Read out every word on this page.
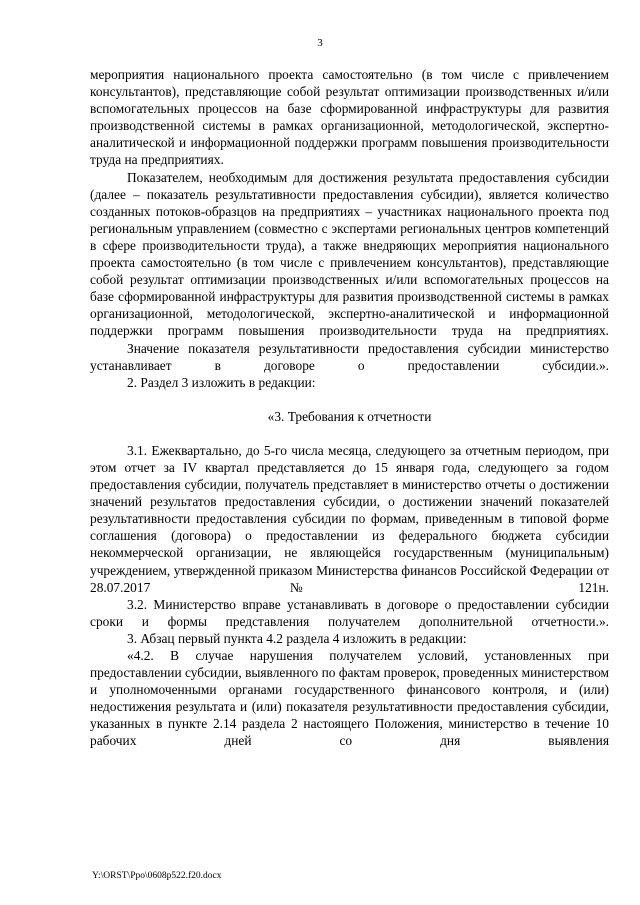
3

мероприятия национального проекта самостоятельно (в том числе с привлечением консультантов), представляющие собой результат оптимизации производственных и/или вспомогательных процессов на базе сформированной инфраструктуры для развития производственной системы в рамках организационной, методологической, экспертно-аналитической и информационной поддержки программ повышения производительности труда на предприятиях.

Показателем, необходимым для достижения результата предоставления субсидии (далее – показатель результативности предоставления субсидии), является количество созданных потоков-образцов на предприятиях – участниках национального проекта под региональным управлением (совместно с экспертами региональных центров компетенций в сфере производительности труда), а также внедряющих мероприятия национального проекта самостоятельно (в том числе с привлечением консультантов), представляющие собой результат оптимизации производственных и/или вспомогательных процессов на базе сформированной инфраструктуры для развития производственной системы в рамках организационной, методологической, экспертно-аналитической и информационной поддержки программ повышения производительности труда на предприятиях.

Значение показателя результативности предоставления субсидии министерство устанавливает в договоре о предоставлении субсидии.».

2. Раздел 3 изложить в редакции:

«3. Требования к отчетности

3.1. Ежеквартально, до 5-го числа месяца, следующего за отчетным периодом, при этом отчет за IV квартал представляется до 15 января года, следующего за годом предоставления субсидии, получатель представляет в министерство отчеты о достижении значений результатов предоставления субсидии, о достижении значений показателей результативности предоставления субсидии по формам, приведенным в типовой форме соглашения (договора) о предоставлении из федерального бюджета субсидии некоммерческой организации, не являющейся государственным (муниципальным) учреждением, утвержденной приказом Министерства финансов Российской Федерации от 28.07.2017 № 121н.

3.2. Министерство вправе устанавливать в договоре о предоставлении субсидии сроки и формы представления получателем дополнительной отчетности.».

3. Абзац первый пункта 4.2 раздела 4 изложить в редакции:

«4.2. В случае нарушения получателем условий, установленных при предоставлении субсидии, выявленного по фактам проверок, проведенных министерством и уполномоченными органами государственного финансового контроля, и (или) недостижения результата и (или) показателя результативности предоставления субсидии, указанных в пункте 2.14 раздела 2 настоящего Положения, министерство в течение 10 рабочих дней со дня выявления

Y:\ORST\Ppo\0608p522.f20.docx
